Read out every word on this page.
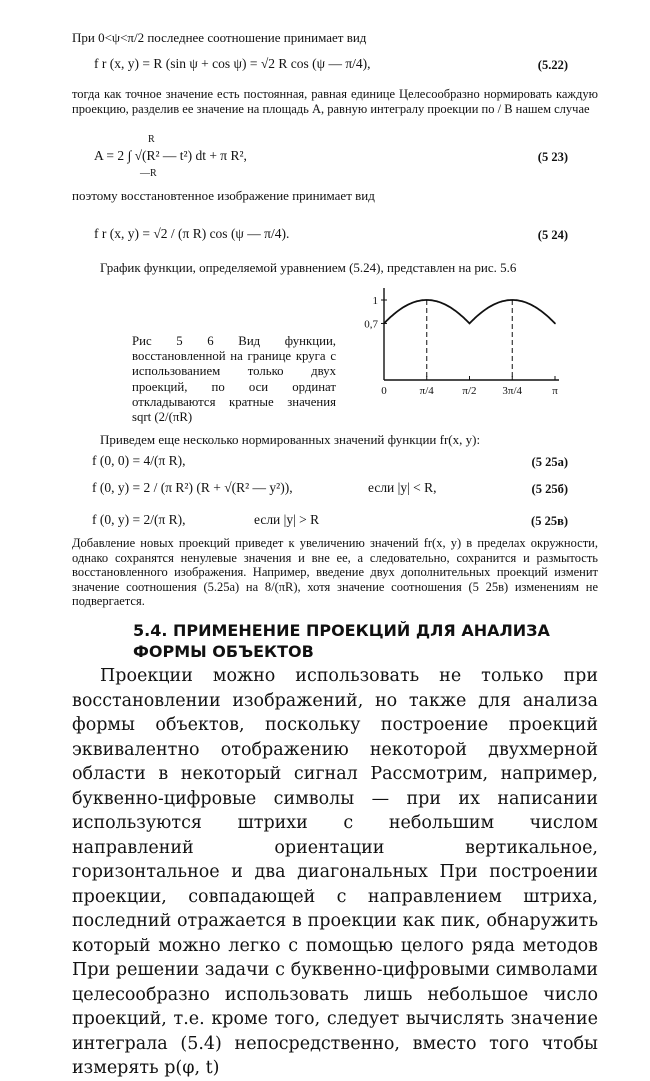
При 0<ψ<π/2 последнее соотношение принимает вид
f r (x, y) = R (sin ψ + cos ψ) = √2 R cos (ψ — π/4),	(5.22)
тогда как точное значение есть постоянная, равная единице Целесообразно нормировать каждую проекцию, разделив ее значение на площадь A, равную интегралу проекции по / В нашем случае
R
A = 2 ∫ √(R² — t²) dt + π R²,
—R
(5 23)
поэтому восстановтенное изображение принимает вид
f r (x, y) = √2 / (π R) cos (ψ — π/4).	(5 24)
График функции, определяемой уравнением (5.24), представлен на рис. 5.6
Рис 5 6 Вид функции, восстановленной на границе круга с использованием только двух проекций, по оси ординат откладываются кратные значения sqrt (2/(πR)
0	π/4	π/2 3π/4	π
1
0,7
Приведем еще несколько нормированных значений функции fr(x, y):
f (0, 0) = 4/(π R),	(5 25a)
f (0, y) = 2 / (π R²) (R + √(R² — y²)),	если |y| < R,	(5 25б)
f (0, y) = 2/(π R),	если |y| > R	(5 25в)
Добавление новых проекций приведет к увеличению значений fr(x, y) в пределах окружности, однако сохранятся ненулевые значения и вне ее, а следовательно, сохранится и размытость восстановленного изображения. Например, введение двух дополнительных проекций изменит значение соотношения (5.25a) на 8/(πR), хотя значение соотношения (5 25в) изменениям не подвергается.
5.4. ПРИМЕНЕНИЕ ПРОЕКЦИЙ ДЛЯ АНАЛИЗА
ФОРМЫ ОБЪЕКТОВ
Проекции можно использовать не только при восстановлении изображений, но также для анализа формы объектов, поскольку построение проекций эквивалентно отображению некоторой двухмерной области в некоторый сигнал Рассмотрим, например, буквенно-цифровые символы — при их написании используются штрихи с небольшим числом направлений ориентации вертикальное, горизонтальное и два диагональных При построении проекции, совпадающей с направлением штриха, последний отражается в проекции как пик, обнаружить который можно легко с помощью целого ряда методов При решении задачи с буквенно-цифровыми символами целесообразно использовать лишь небольшое число проекций, т.е. кроме того, следует вычислять значение интеграла (5.4) непосредственно, вместо того чтобы измерять p(φ, t)
